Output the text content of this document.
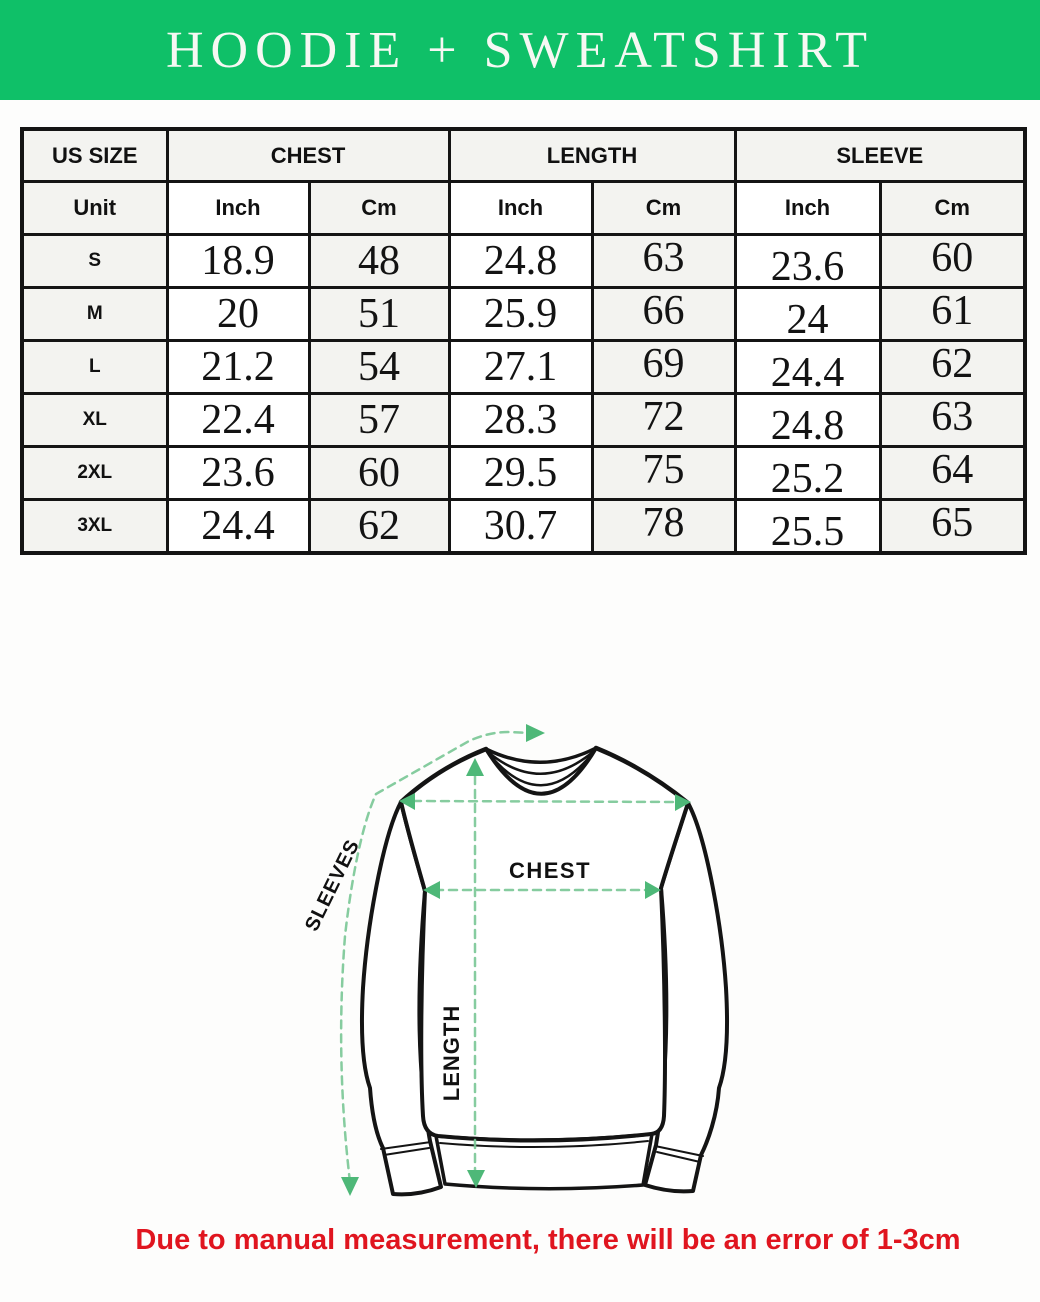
HOODIE + SWEATSHIRT
US SIZE	CHEST		LENGTH		SLEEVE	
Unit	Inch	Cm	Inch	Cm	Inch	Cm
S	18.9	48	24.8	63	23.6	60
M	20	51	25.9	66	24	61
L	21.2	54	27.1	69	24.4	62
XL	22.4	57	28.3	72	24.8	63
2XL	23.6	60	29.5	75	25.2	64
3XL	24.4	62	30.7	78	25.5	65
CHEST
LENGTH
SLEEVES

Due to manual measurement, there will be an error of 1-3cm
